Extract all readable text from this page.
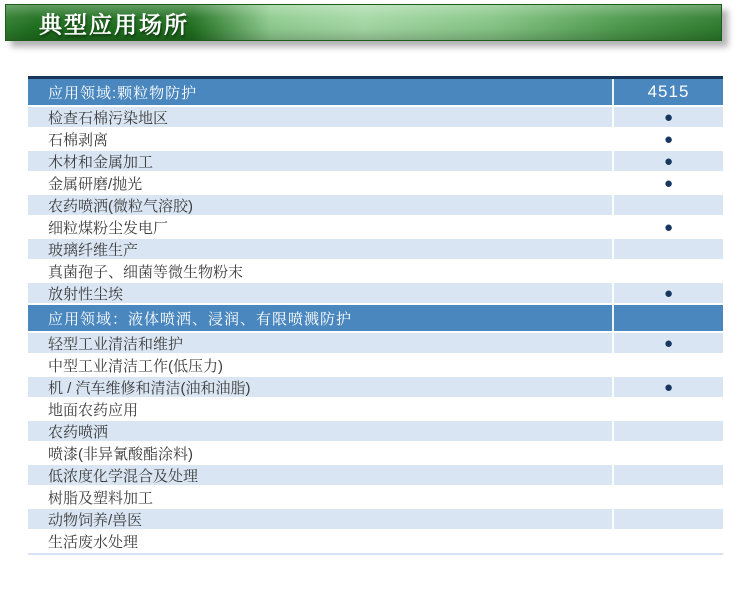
典型应用场所
应用领域:颗粒物防护	4515
检查石棉污染地区	●
石棉剥离	●
木材和金属加工	●
金属研磨/抛光	●
农药喷洒(微粒气溶胶)
细粒煤粉尘发电厂	●
玻璃纤维生产
真菌孢子、细菌等微生物粉末
放射性尘埃	●
应用领域：液体喷洒、浸润、有限喷溅防护
轻型工业清洁和维护	●
中型工业清洁工作(低压力)
机 / 汽车维修和清洁(油和油脂)	●
地面农药应用
农药喷洒
喷漆(非异氰酸酯涂料)
低浓度化学混合及处理
树脂及塑料加工
动物饲养/兽医
生活废水处理
